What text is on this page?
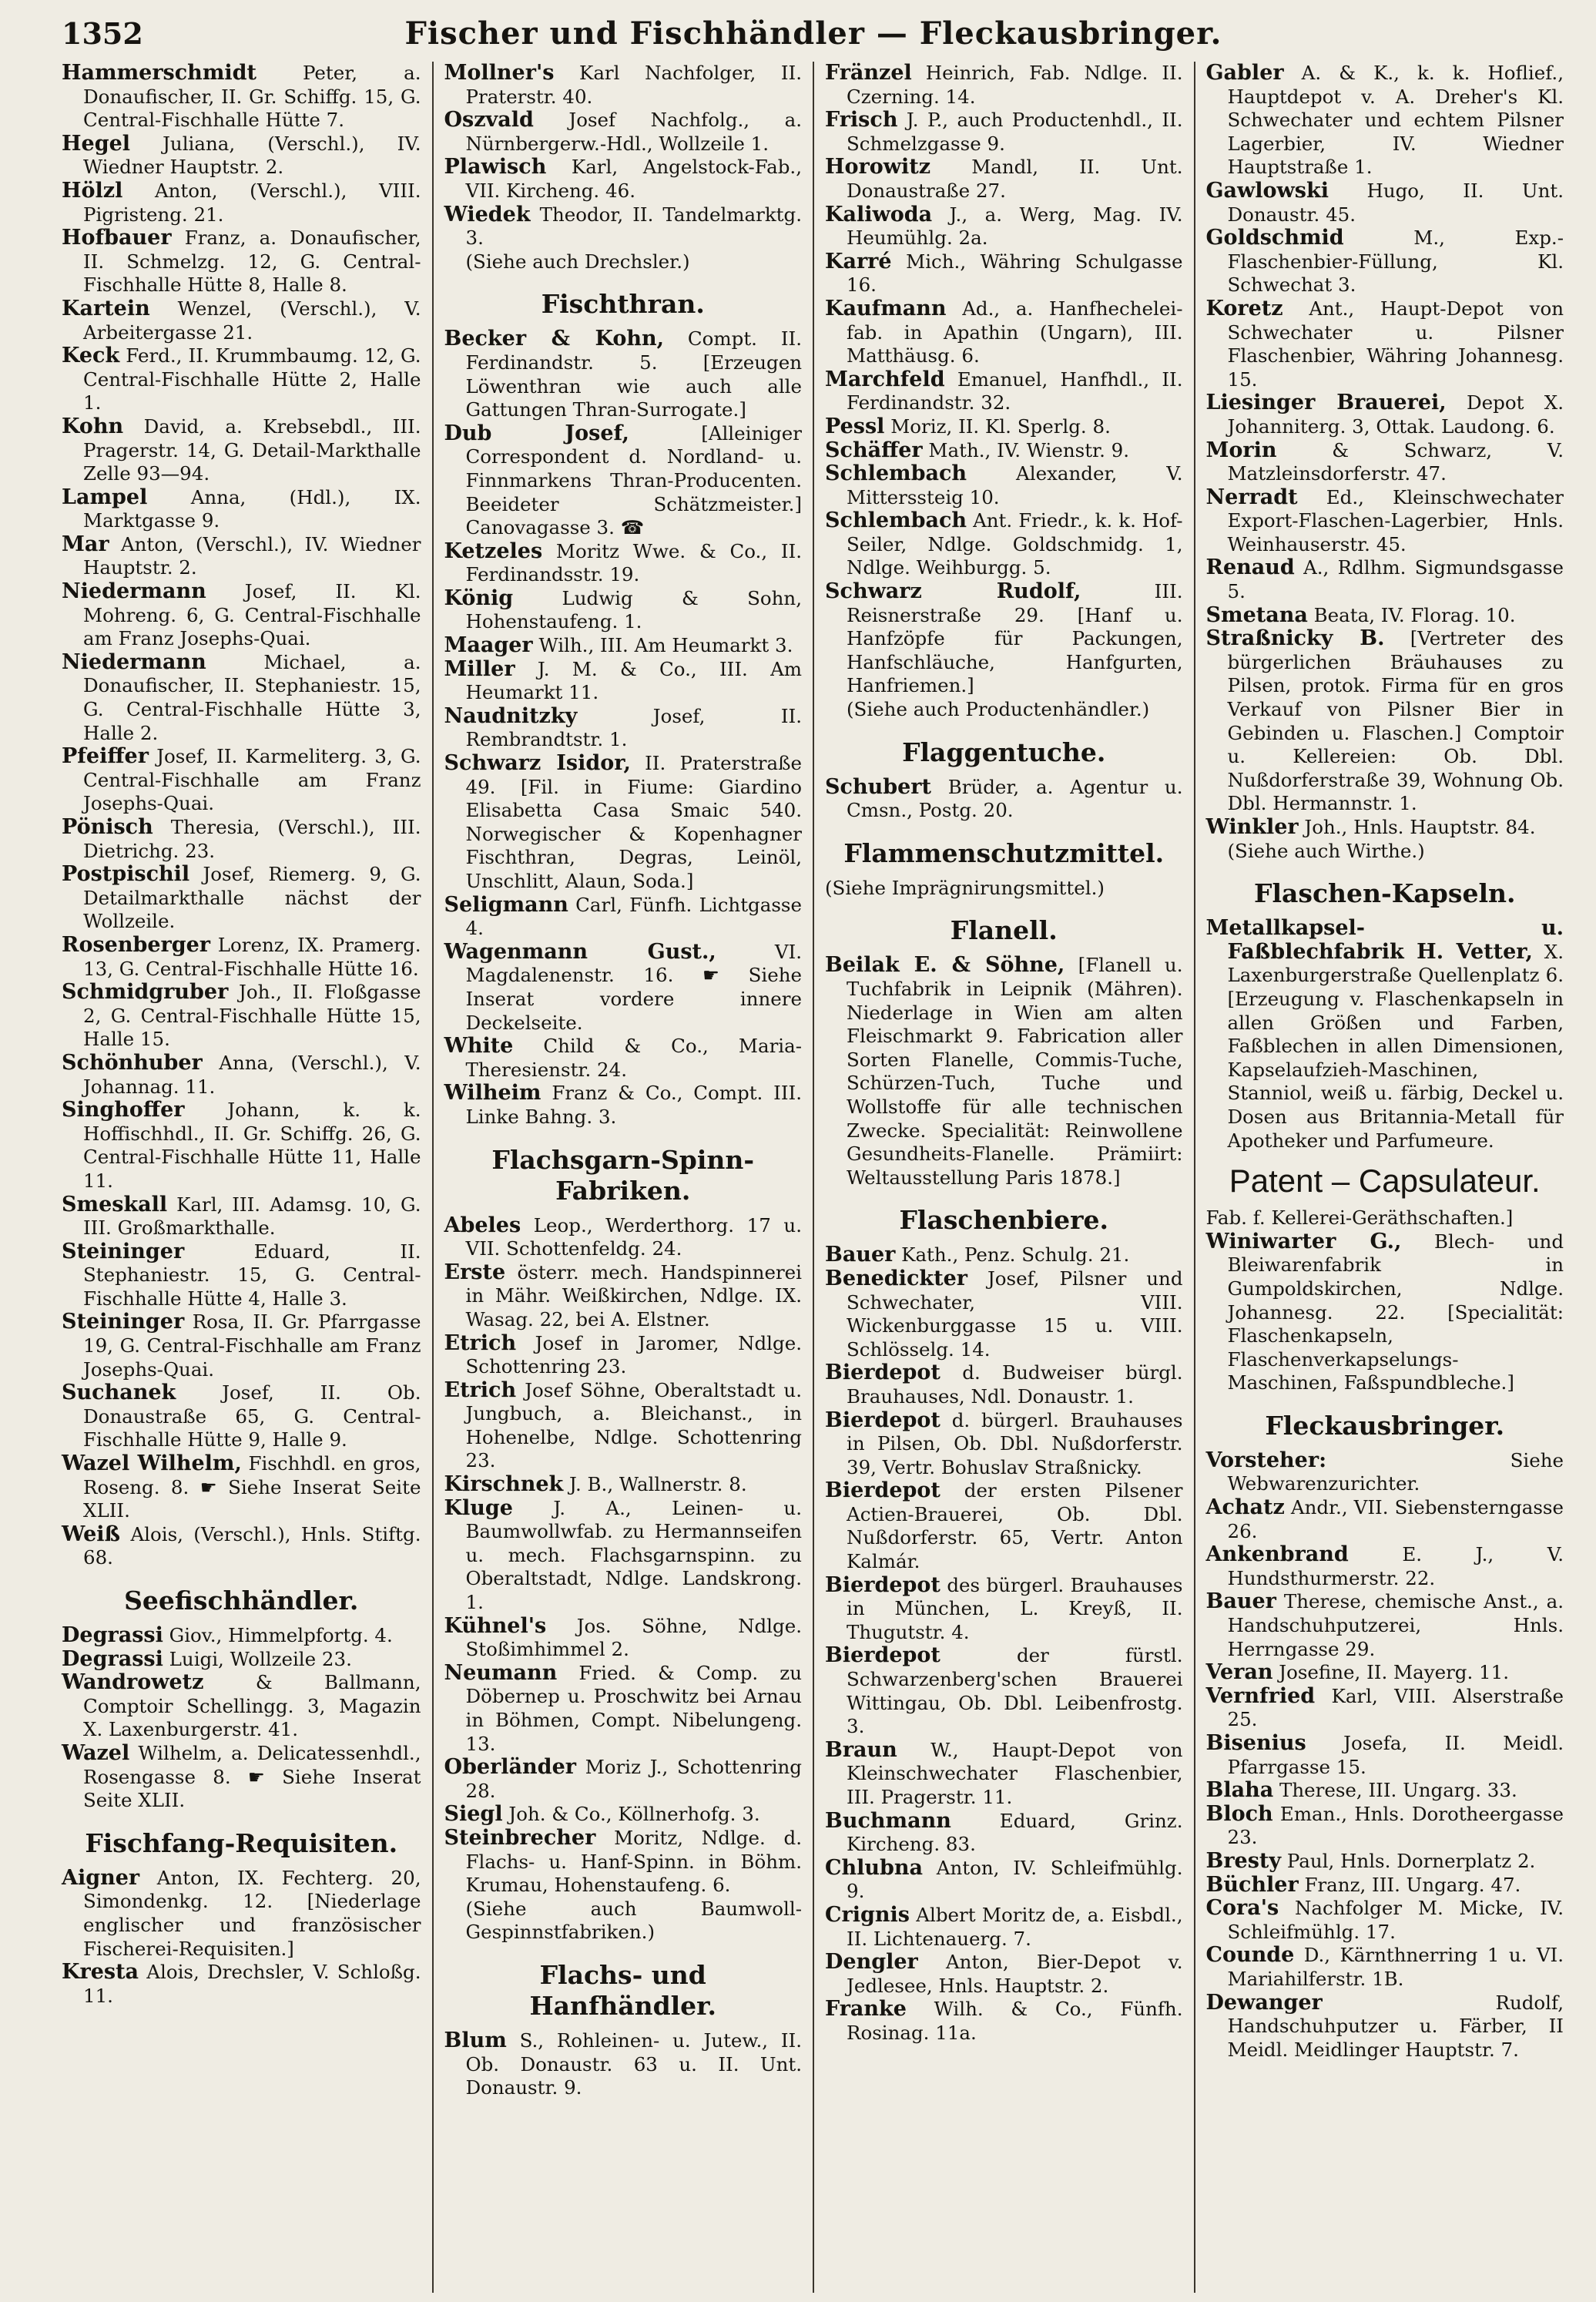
1352	Fischer und Fischhändler — Fleckausbringer.
Hammerschmidt Peter, a. Donaufischer, II. Gr. Schiffg. 15, G. Central-Fischhalle Hütte 7.
Hegel Juliana, (Verschl.), IV. Wiedner Hauptstr. 2.
Hölzl Anton, (Verschl.), VIII. Pigristeng. 21.
Hofbauer Franz, a. Donaufischer, II. Schmelzg. 12, G. Central-Fischhalle Hütte 8, Halle 8.
Kartein Wenzel, (Verschl.), V. Arbeitergasse 21.
Keck Ferd., II. Krummbaumg. 12, G. Central-Fischhalle Hütte 2, Halle 1.
Kohn David, a. Krebsebdl., III. Pragerstr. 14, G. Detail-Markthalle Zelle 93—94.
Lampel Anna, (Hdl.), IX. Marktgasse 9.
Mar Anton, (Verschl.), IV. Wiedner Hauptstr. 2.
Niedermann Josef, II. Kl. Mohrеng. 6, G. Central-Fischhalle am Franz Josephs-Quai.
Niedermann Michael, a. Donaufischer, II. Stephaniestr. 15, G. Central-Fischhalle Hütte 3, Halle 2.
Pfeiffer Josef, II. Karmeliterg. 3, G. Central-Fischhalle am Franz Josephs-Quai.
Pönisch Theresia, (Verschl.), III. Dietrichg. 23.
Postpischil Josef, Riemerg. 9, G. Detailmarkthalle nächst der Wollzeile.
Rosenberger Lorenz, IX. Pramerg. 13, G. Central-Fischhalle Hütte 16.
Schmidgruber Joh., II. Floßgasse 2, G. Central-Fischhalle Hütte 15, Halle 15.
Schönhuber Anna, (Verschl.), V. Johannag. 11.
Singhoffer Johann, k. k. Hoffischhdl., II. Gr. Schiffg. 26, G. Central-Fischhalle Hütte 11, Halle 11.
Smeskall Karl, III. Adamsg. 10, G. III. Großmarkthalle.
Steininger Eduard, II. Stephaniestr. 15, G. Central-Fischhalle Hütte 4, Halle 3.
Steininger Rosa, II. Gr. Pfarrgasse 19, G. Central-Fischhalle am Franz Josephs-Quai.
Suchanek Josef, II. Ob. Donaustraße 65, G. Central-Fischhalle Hütte 9, Halle 9.
Wazel Wilhelm, Fischhdl. en gros, Roseng. 8. ☛ Siehe Inserat Seite XLII.
Weiß Alois, (Verschl.), Hnls. Stiftg. 68.
Seefischhändler.
Degrassi Giov., Himmelpfortg. 4.
Degrassi Luigi, Wollzeile 23.
Wandrowetz & Ballmann, Comptoir Schellingg. 3, Magazin X. Laxenburgerstr. 41.
Wazel Wilhelm, a. Delicatessenhdl., Rosengasse 8. ☛ Siehe Inserat Seite XLII.
Fischfang-Requisiten.
Aigner Anton, IX. Fechterg. 20, Simondenkg. 12. [Niederlage englischer und französischer Fischerei-Requisiten.]
Kresta Alois, Drechsler, V. Schloßg. 11.
Mollner's Karl Nachfolger, II. Praterstr. 40.
Oszvald Josef Nachfolg., a. Nürnbergerw.-Hdl., Wollzeile 1.
Plawisch Karl, Angelstock-Fab., VII. Kircheng. 46.
Wiedek Theodor, II. Tandelmarktg. 3.
(Siehe auch Drechsler.)
Fischthran.
Becker & Kohn, Compt. II. Ferdinandstr. 5. [Erzeugen Löwenthran wie auch alle Gattungen Thran-Surrogate.]
Dub Josef, [Alleiniger Correspondent d. Nordland- u. Finnmarkens Thran-Producenten. Beeideter Schätzmeister.] Canovagasse 3. ☎
Ketzeles Moritz Wwe. & Co., II. Ferdinandsstr. 19.
König Ludwig & Sohn, Hohenstaufeng. 1.
Maager Wilh., III. Am Heumarkt 3.
Miller J. M. & Co., III. Am Heumarkt 11.
Naudnitzky Josef, II. Rembrandtstr. 1.
Schwarz Isidor, II. Praterstraße 49. [Fil. in Fiume: Giardino Elisabetta Casa Smaic 540. Norwegischer & Kopenhagner Fischthran, Degras, Leinöl, Unschlitt, Alaun, Soda.]
Seligmann Carl, Fünfh. Lichtgasse 4.
Wagenmann Gust., VI. Magdalenenstr. 16. ☛ Siehe Inserat vordere innere Deckelseite.
White Child & Co., Maria-Theresienstr. 24.
Wilheim Franz & Co., Compt. III. Linke Bahng. 3.
Flachsgarn-Spinn-
Fabriken.
Abeles Leop., Werderthorg. 17 u. VII. Schottenfeldg. 24.
Erste österr. mech. Handspinnerei in Mähr. Weißkirchen, Ndlge. IX. Wasag. 22, bei A. Elstner.
Etrich Josef in Jaromer, Ndlge. Schottenring 23.
Etrich Josef Söhne, Oberaltstadt u. Jungbuch, a. Bleichanst., in Hohenelbe, Ndlge. Schottenring 23.
Kirschnek J. B., Wallnerstr. 8.
Kluge J. A., Leinen- u. Baumwollwfab. zu Hermannseifen u. mech. Flachsgarnspinn. zu Oberaltstadt, Ndlge. Landskrong. 1.
Kühnel's Jos. Söhne, Ndlge. Stoßimhimmel 2.
Neumann Fried. & Comp. zu Döbernep u. Proschwitz bei Arnau in Böhmen, Compt. Nibelungeng. 13.
Oberländer Moriz J., Schottenring 28.
Siegl Joh. & Co., Köllnerhofg. 3.
Steinbrecher Moritz, Ndlge. d. Flachs- u. Hanf-Spinn. in Böhm. Krumau, Hohenstaufeng. 6.
(Siehe auch Baumwoll-Gespinnstfabriken.)
Flachs- und Hanfhändler.
Blum S., Rohleinen- u. Jutew., II. Ob. Donaustr. 63 u. II. Unt. Donaustr. 9.
Fränzel Heinrich, Fab. Ndlge. II. Czerning. 14.
Frisch J. P., auch Productenhdl., II. Schmelzgasse 9.
Horowitz Mandl, II. Unt. Donaustraße 27.
Kaliwoda J., a. Werg, Mag. IV. Heumühlg. 2a.
Karré Mich., Währing Schulgasse 16.
Kaufmann Ad., a. Hanfhechelei-fab. in Apathin (Ungarn), III. Matthäusg. 6.
Marchfeld Emanuel, Hanfhdl., II. Ferdinandstr. 32.
Pessl Moriz, II. Kl. Sperlg. 8.
Schäffer Math., IV. Wienstr. 9.
Schlembach Alexander, V. Mitterssteig 10.
Schlembach Ant. Friedr., k. k. Hof-Seiler, Ndlge. Goldschmidg. 1, Ndlge. Weihburgg. 5.
Schwarz Rudolf,	III. Reisnerstraße 29. [Hanf u. Hanfzöpfe für Packungen, Hanfschläuche, Hanfgurten, Hanfriemen.]
(Siehe auch Productenhändler.)
Flaggentuche.
Schubert Brüder, a. Agentur u. Cmsn., Postg. 20.
Flammenschutzmittel.
(Siehe Imprägnirungsmittel.)
Flanell.
Beilak E. & Söhne, [Flanell u. Tuchfabrik in Leipnik (Mähren). Niederlage in Wien am alten Fleischmarkt 9. Fabrication aller Sorten Flanelle, Commis-Tuche, Schürzen-Tuch, Tuche und Wollstoffe für alle technischen Zwecke. Specialität: Reinwollene Gesundheits-Flanelle. Prämiirt: Weltausstellung Paris 1878.]
Flaschenbiere.
Bauer Kath., Penz. Schulg. 21.
Benedickter Josef, Pilsner und Schwechater, VIII. Wickenburggasse 15 u. VIII. Schlösselg. 14.
Bierdepot d. Budweiser bürgl. Brauhauses, Ndl. Donaustr. 1.
Bierdepot d. bürgerl. Brauhauses in Pilsen, Ob. Dbl. Nußdorferstr. 39, Vertr. Bohuslav Straßnicky.
Bierdepot der ersten Pilsener Actien-Brauerei, Ob. Dbl. Nußdorferstr. 65, Vertr. Anton Kalmár.
Bierdepot des bürgerl. Brauhauses in München, L. Kreyß, II. Thugutstr. 4.
Bierdepot der fürstl. Schwarzenberg'schen Brauerei Wittingau, Ob. Dbl. Leibenfrostg. 3.
Braun W., Haupt-Depot von Kleinschwechater Flaschenbier, III. Pragerstr. 11.
Buchmann Eduard, Grinz. Kircheng. 83.
Chlubna Anton, IV. Schleifmühlg. 9.
Crignis Albert Moritz de, a. Eisbdl., II. Lichtenauerg. 7.
Dengler Anton, Bier-Depot v. Jedlesee, Hnls. Hauptstr. 2.
Franke Wilh. & Co., Fünfh. Rosinag. 11a.
Gabler A. & K., k. k. Hoflief., Hauptdepot v. A. Dreher's Kl. Schwechater und echtem Pilsner Lagerbier, IV. Wiedner Hauptstraße 1.
Gawlowski Hugo, II. Unt. Donaustr. 45.
Goldschmid M., Exp.-Flaschenbier-Füllung, Kl. Schwechat 3.
Koretz Ant., Haupt-Depot von Schwechater u. Pilsner Flaschenbier, Währing Johannesg. 15.
Liesinger Brauerei, Depot X. Johanniterg. 3, Ottak. Laudong. 6.
Morin & Schwarz, V. Matzleinsdorferstr. 47.
Nerradt Ed., Kleinschwechater Export-Flaschen-Lagerbier, Hnls. Weinhauserstr. 45.
Renaud A., Rdlhm. Sigmundsgasse 5.
Smetana Beata, IV. Florag. 10.
Straßnicky B. [Vertreter des bürgerlichen Bräuhauses zu Pilsen, protok. Firma für en gros Verkauf von Pilsner Bier in Gebinden u. Flaschen.] Comptoir u. Kellereien: Ob. Dbl. Nußdorferstraße 39, Wohnung Ob. Dbl. Hermannstr. 1.
Winkler Joh., Hnls. Hauptstr. 84.
(Siehe auch Wirthe.)
Flaschen-Kapseln.
Metallkapsel- u. Faßblechfabrik H. Vetter, X. Laxenburgerstraße Quellenplatz 6. [Erzeugung v. Flaschenkapseln in allen Größen und Farben, Faßblechen in allen Dimensionen, Kapselaufzieh-Maschinen, Stanniol, weiß u. färbig, Deckel u. Dosen aus Britannia-Metall für Apotheker und Parfumeure.
Patent – Capsulateur.
Fab. f. Kellerei-Geräthschaften.]
Winiwarter G., Blech- und Bleiwarenfabrik in Gumpoldskirchen, Ndlge. Johannesg. 22. [Specialität: Flaschenkapseln, Flaschenverkapselungs-Maschinen, Faßspundbleche.]
Fleckausbringer.
Vorsteher: Siehe Webwarenzurichter.
Achatz Andr., VII. Siebensterngasse 26.
Ankenbrand E. J., V. Hundsthurmerstr. 22.
Bauer Therese, chemische Anst., a. Handschuhputzerei, Hnls. Herrngasse 29.
Veran Josefine, II. Mayerg. 11.
Vernfried Karl, VIII. Alserstraße 25.
Bisenius Josefa, II. Meidl. Pfarrgasse 15.
Blaha Therese, III. Ungarg. 33.
Bloch Eman., Hnls. Dorotheergasse 23.
Bresty Paul, Hnls. Dornerplatz 2.
Büchler Franz, III. Ungarg. 47.
Cora's Nachfolger M. Micke, IV. Schleifmühlg. 17.
Counde D., Kärnthnerring 1 u. VI. Mariahilferstr. 1B.
Dewanger Rudolf, Handschuhputzer u. Färber, II Meidl. Meidlinger Hauptstr. 7.
